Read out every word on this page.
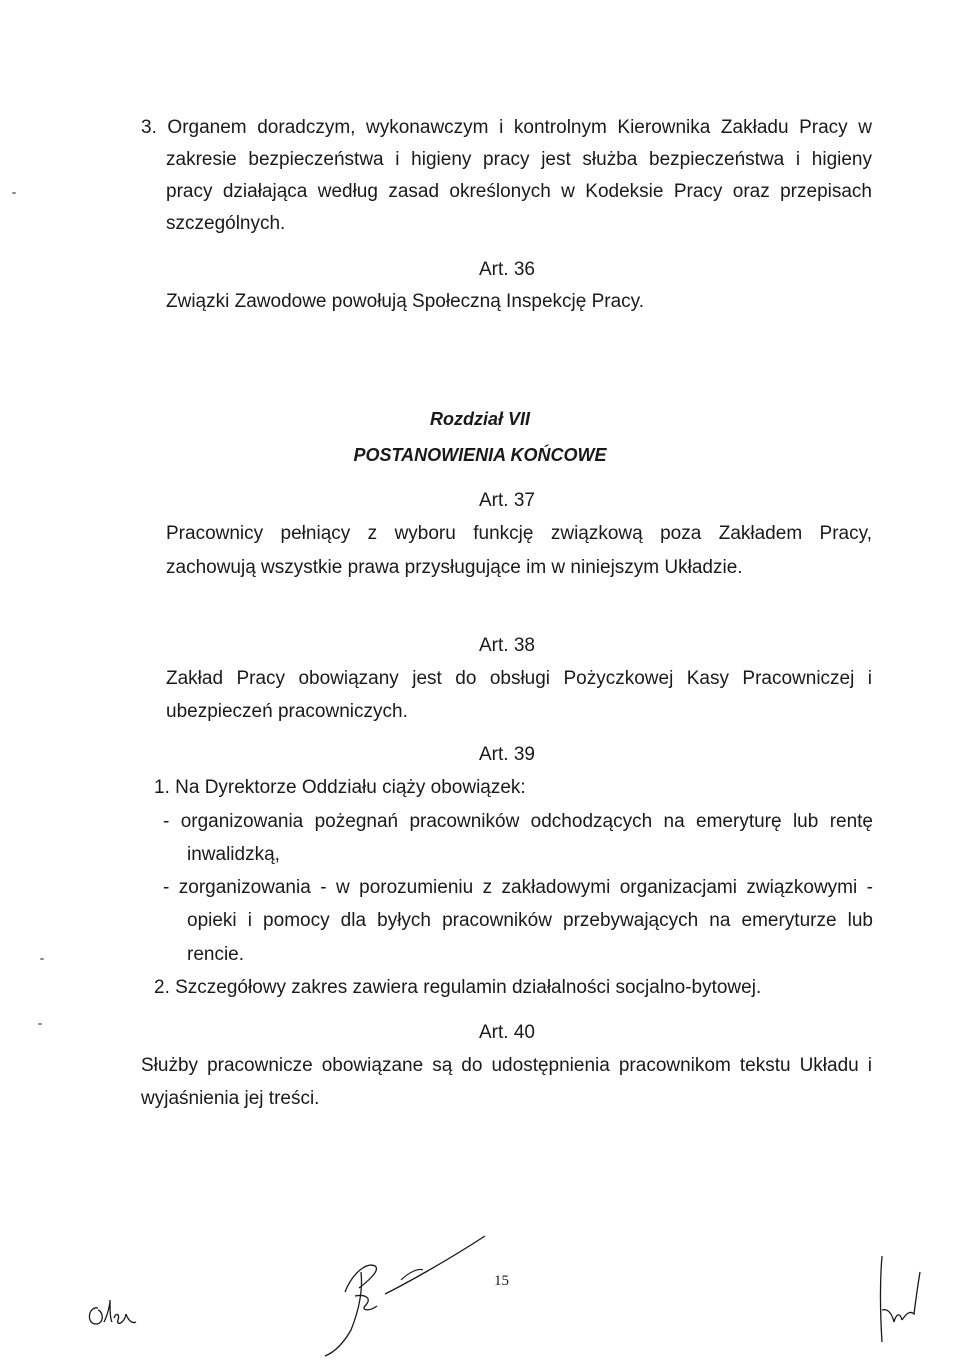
3. Organem doradczym, wykonawczym i kontrolnym Kierownika Zakładu Pracy w
zakresie bezpieczeństwa i higieny pracy jest służba bezpieczeństwa i higieny
pracy działająca według zasad określonych w Kodeksie Pracy oraz przepisach
szczególnych.
Art. 36
Związki Zawodowe powołują Społeczną Inspekcję Pracy.
Rozdział VII
POSTANOWIENIA KOŃCOWE
Art. 37
Pracownicy pełniący z wyboru funkcję związkową poza Zakładem Pracy,
zachowują wszystkie prawa przysługujące im w niniejszym Układzie.
Art. 38
Zakład Pracy obowiązany jest do obsługi Pożyczkowej Kasy Pracowniczej i
ubezpieczeń pracowniczych.
Art. 39
1. Na Dyrektorze Oddziału ciąży obowiązek:
- organizowania pożegnań pracowników odchodzących na emeryturę lub rentę
inwalidzką,
- zorganizowania - w porozumieniu z zakładowymi organizacjami związkowymi -
opieki i pomocy dla byłych pracowników przebywających na emeryturze lub
rencie.
2. Szczegółowy zakres zawiera regulamin działalności socjalno-bytowej.
Art. 40
Służby pracownicze obowiązane są do udostępnienia pracownikom tekstu Układu i
wyjaśnienia jej treści.
15
